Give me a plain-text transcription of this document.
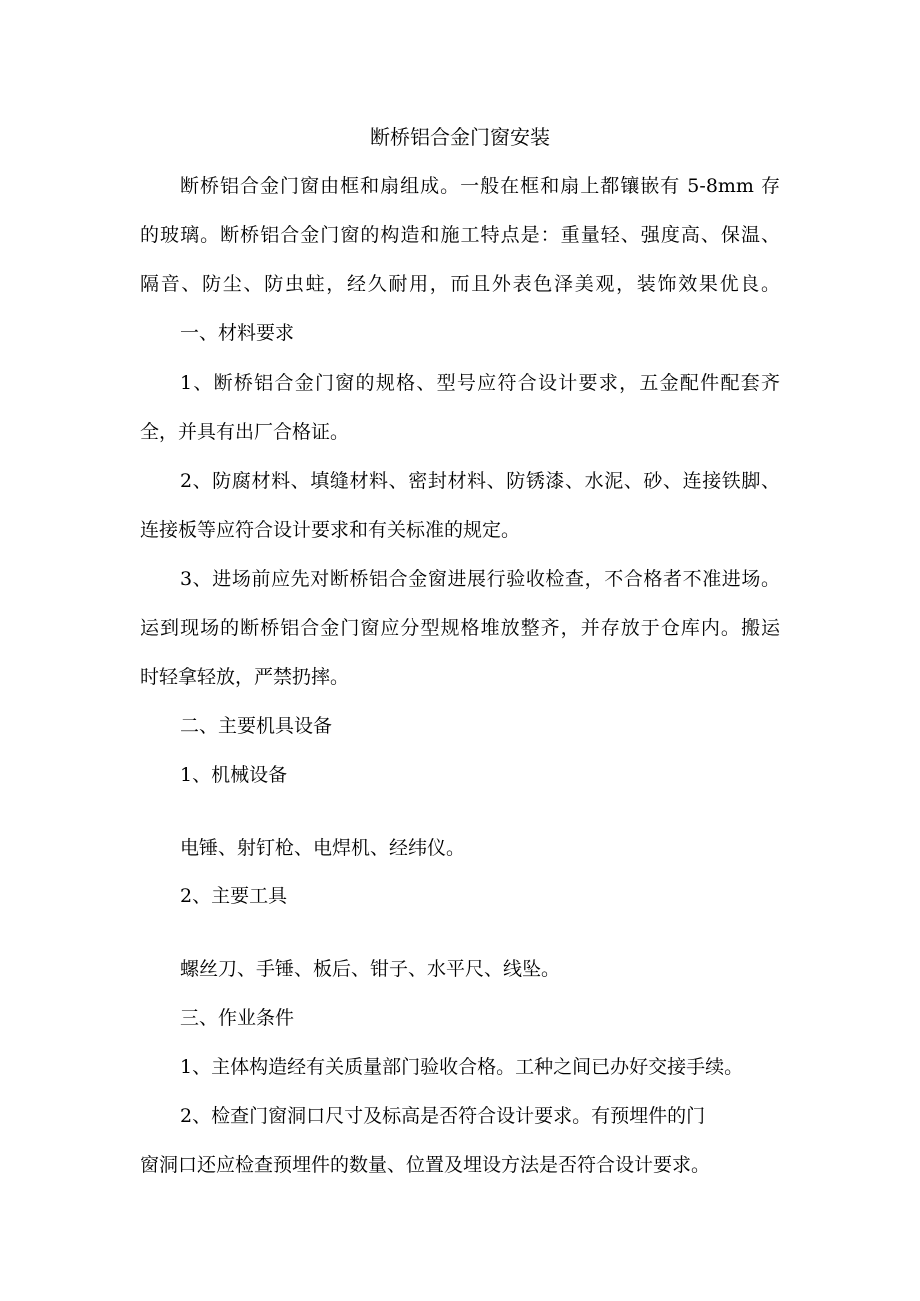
断桥铝合金门窗安装
断桥铝合金门窗由框和扇组成。一般在框和扇上都镶嵌有 5-8mm 存
的玻璃。断桥铝合金门窗的构造和施工特点是：重量轻、强度高、保温、
隔音、防尘、防虫蛀，经久耐用，而且外表色泽美观，装饰效果优良。
一、材料要求
1、断桥铝合金门窗的规格、型号应符合设计要求，五金配件配套齐
全，并具有出厂合格证。
2、防腐材料、填缝材料、密封材料、防锈漆、水泥、砂、连接铁脚、
连接板等应符合设计要求和有关标准的规定。
3、进场前应先对断桥铝合金窗进展行验收检查，不合格者不准进场。
运到现场的断桥铝合金门窗应分型规格堆放整齐，并存放于仓库内。搬运
时轻拿轻放，严禁扔摔。
二、主要机具设备
1、机械设备
电锤、射钉枪、电焊机、经纬仪。
2、主要工具
螺丝刀、手锤、板后、钳子、水平尺、线坠。
三、作业条件
1、主体构造经有关质量部门验收合格。工种之间已办好交接手续。
2、检查门窗洞口尺寸及标高是否符合设计要求。有预埋件的门
窗洞口还应检查预埋件的数量、位置及埋设方法是否符合设计要求。
